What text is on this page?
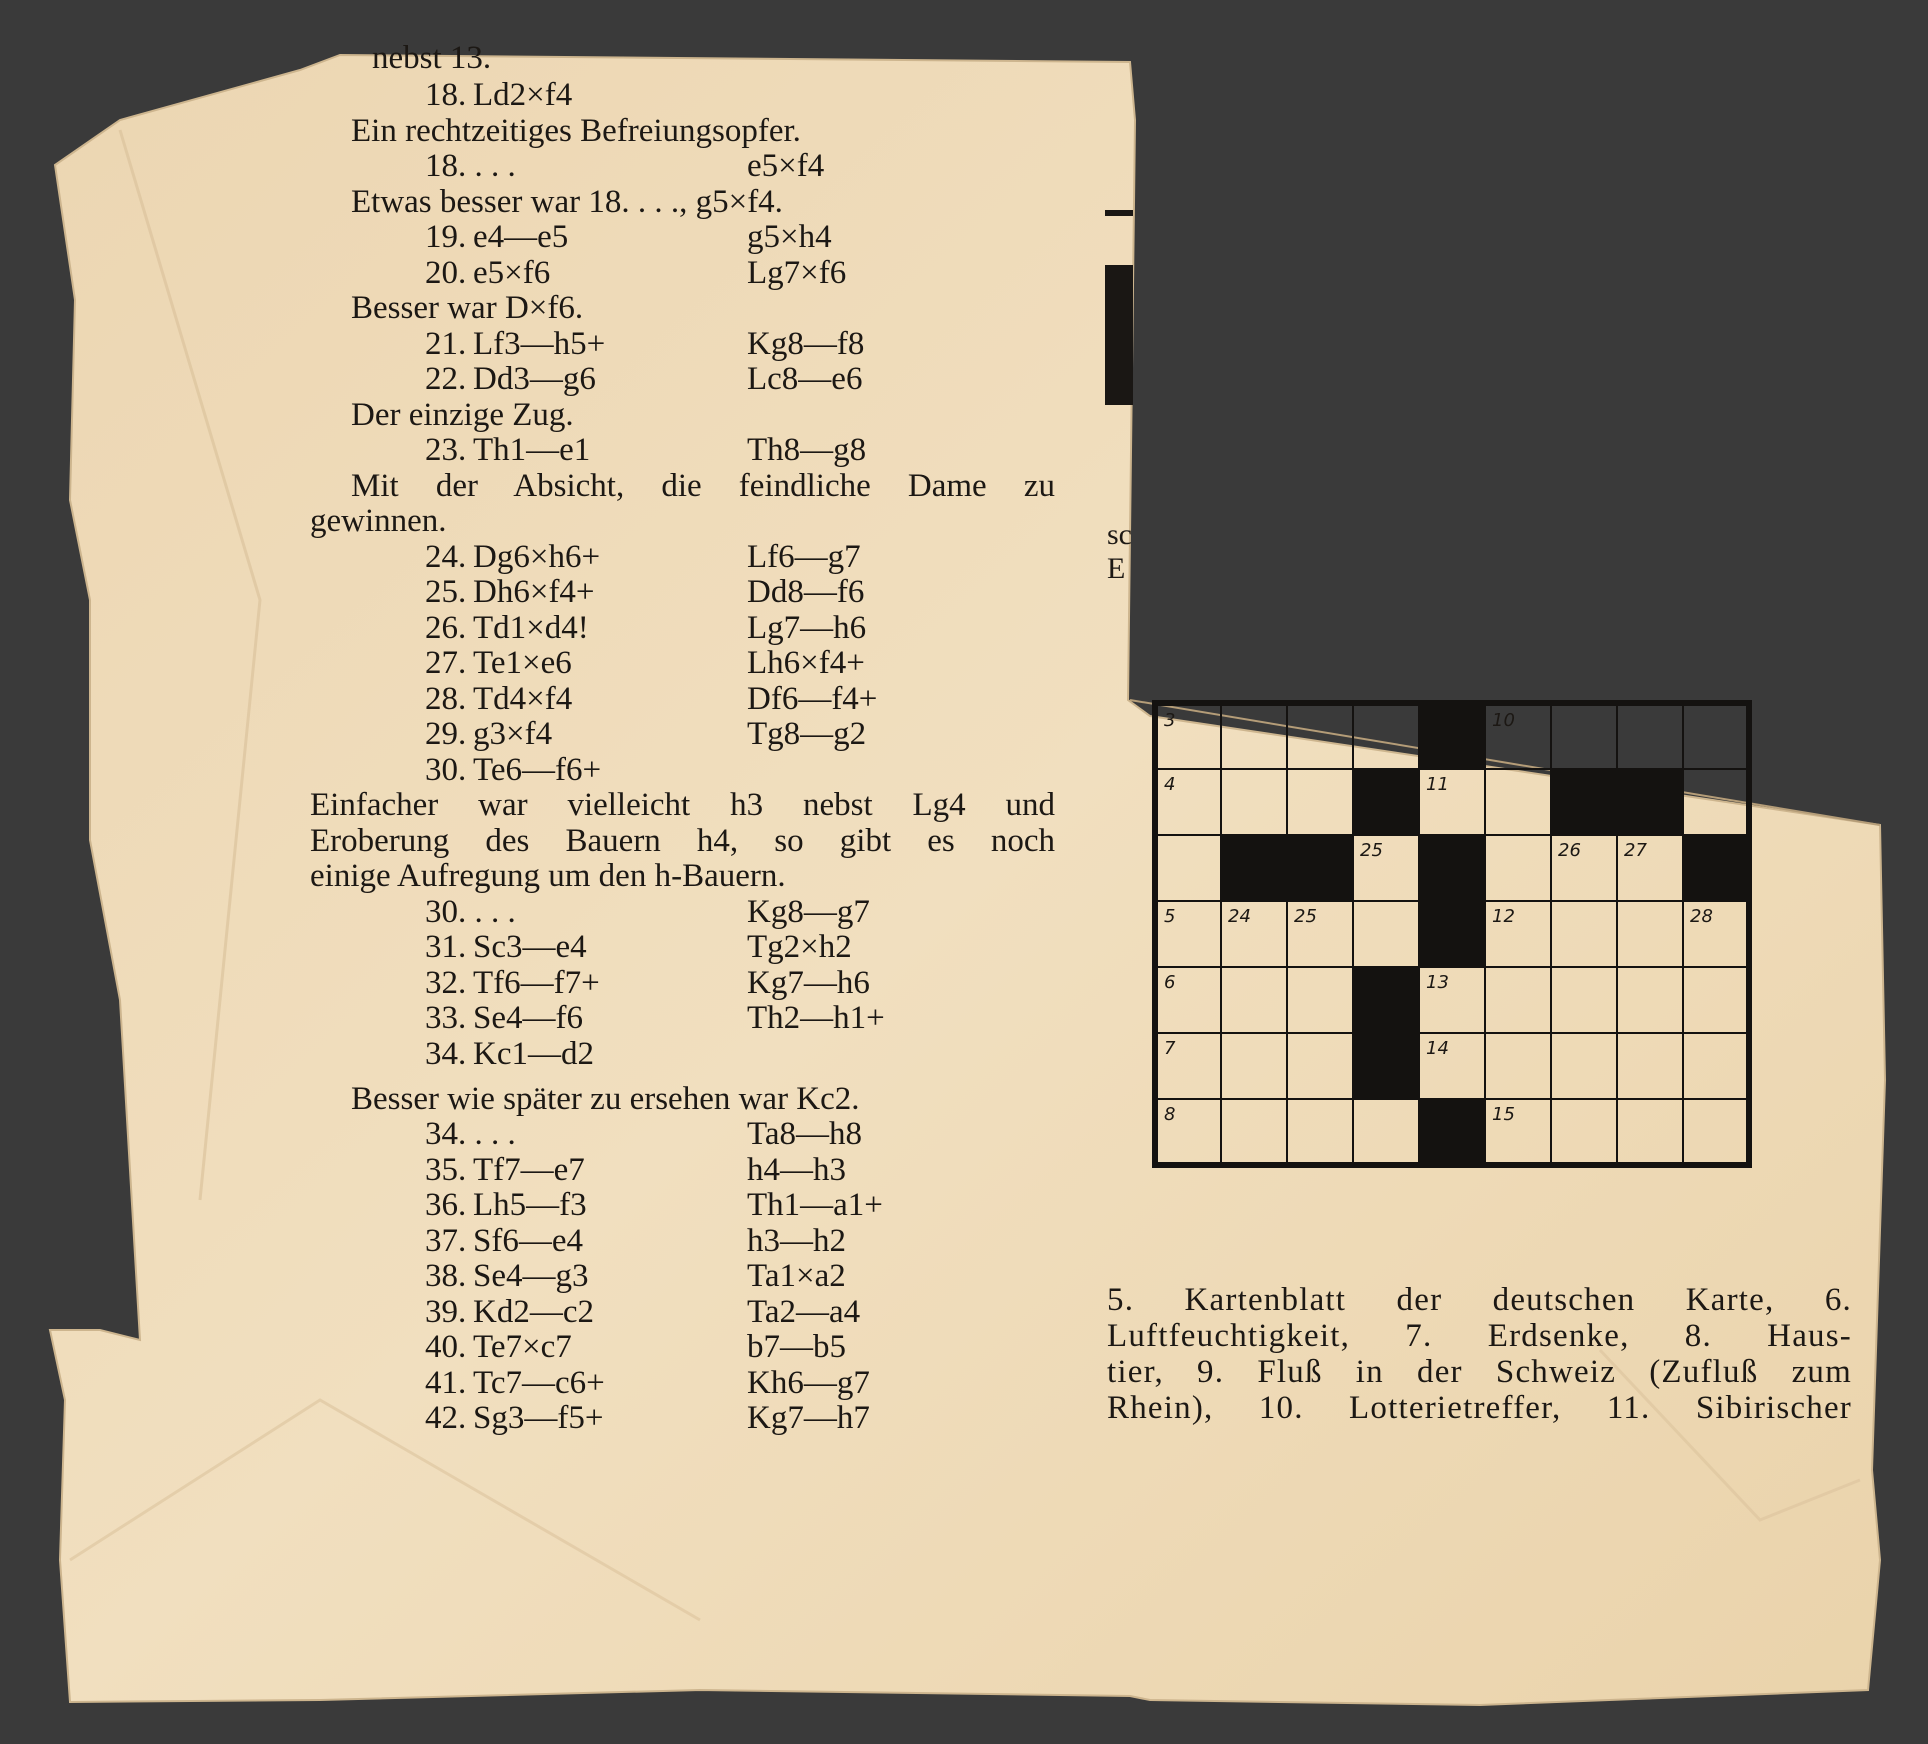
sc
E
nebst 13.
18. Ld2×f4
Ein rechtzeitiges Befreiungsopfer.
18. . . .	e5×f4
Etwas besser war 18. . . ., g5×f4.
19. e4—e5	g5×h4
20. e5×f6	Lg7×f6
Besser war D×f6.
21. Lf3—h5+	Kg8—f8
22. Dd3—g6	Lc8—e6
Der einzige Zug.
23. Th1—e1	Th8—g8
Mit der Absicht, die feindliche Dame zu
gewinnen.
24. Dg6×h6+	Lf6—g7
25. Dh6×f4+	Dd8—f6
26. Td1×d4!	Lg7—h6
27. Te1×e6	Lh6×f4+
28. Td4×f4	Df6—f4+
29. g3×f4	Tg8—g2
30. Te6—f6+
Einfacher war vielleicht h3 nebst Lg4 und
Eroberung des Bauern h4, so gibt es noch
einige Aufregung um den h-Bauern.
30. . . .	Kg8—g7
31. Sc3—e4	Tg2×h2
32. Tf6—f7+	Kg7—h6
33. Se4—f6	Th2—h1+
34. Kc1—d2
Besser wie später zu ersehen war Kc2.
34. . . .	Ta8—h8
35. Tf7—e7	h4—h3
36. Lh5—f3	Th1—a1+
37. Sf6—e4	h3—h2
38. Se4—g3	Ta1×a2
39. Kd2—c2	Ta2—a4
40. Te7×c7	b7—b5
41. Tc7—c6+	Kh6—g7
42. Sg3—f5+	Kg7—h7
3					10			

4				11				

			25			26	27	

5	24	25			12			28

6				13				

7				14				

8					15			

5. Kartenblatt der deutschen Karte, 6.
Luftfeuchtigkeit, 7. Erdsenke, 8. Haus-
tier, 9. Fluß in der Schweiz (Zufluß zum
Rhein), 10. Lotterietreffer, 11. Sibirischer
